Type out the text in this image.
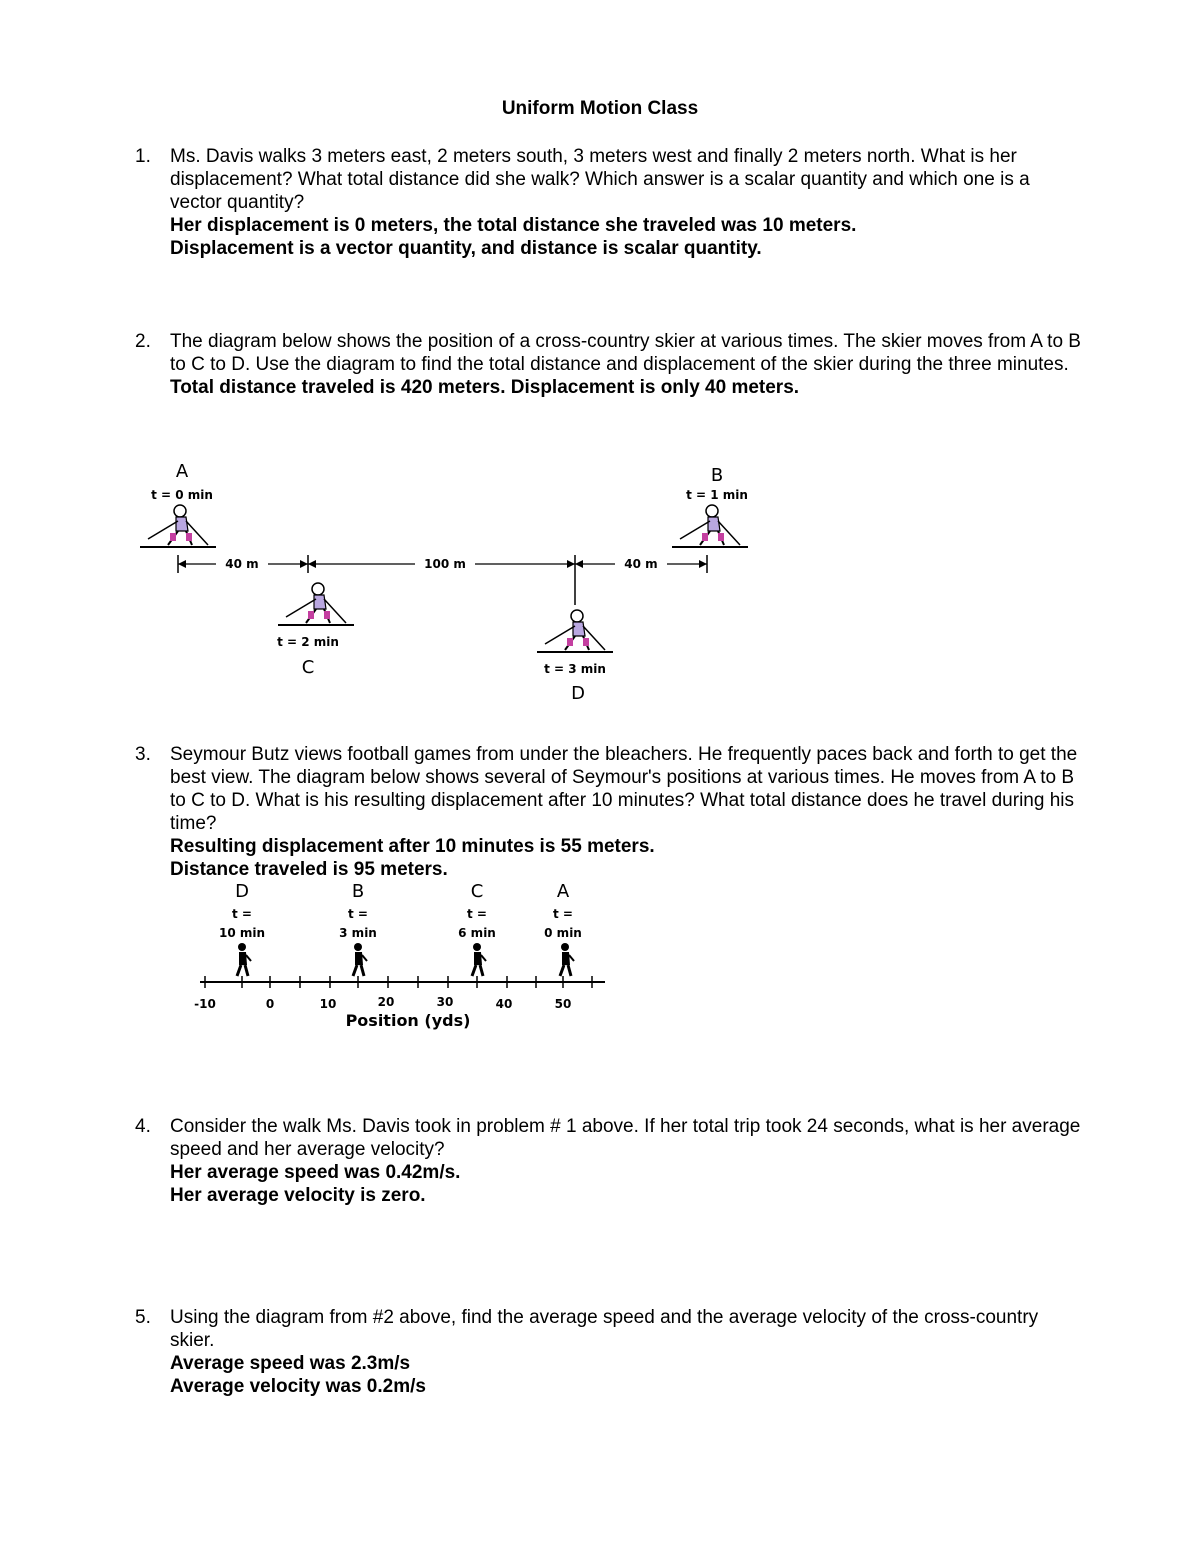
Uniform Motion Class
1. Ms. Davis walks 3 meters east, 2 meters south, 3 meters west and finally 2 meters north. What is her displacement? What total distance did she walk? Which answer is a scalar quantity and which one is a vector quantity?
Her displacement is 0 meters, the total distance she traveled was 10 meters.
Displacement is a vector quantity, and distance is scalar quantity.
2. The diagram below shows the position of a cross-country skier at various times. The skier moves from A to B to C to D. Use the diagram to find the total distance and displacement of the skier during the three minutes.
Total distance traveled is 420 meters. Displacement is only 40 meters.
A
t = 0 min
B
t = 1 min
40 m	100 m	40 m
t = 2 min
C	t = 3 min
D
3. Seymour Butz views football games from under the bleachers. He frequently paces back and forth to get the best view. The diagram below shows several of Seymour's positions at various times. He moves from A to B to C to D. What is his resulting displacement after 10 minutes? What total distance does he travel during his time?
Resulting displacement after 10 minutes is 55 meters.
Distance traveled is 95 meters.
D
t =
10 min
B
t =
3 min
C
t =
6 min
A
t =
0 min
-10	0	10	20	30	40	50
Position (yds)
4. Consider the walk Ms. Davis took in problem # 1 above. If her total trip took 24 seconds, what is her average speed and her average velocity?
Her average speed was 0.42m/s.
Her average velocity is zero.
5. Using the diagram from #2 above, find the average speed and the average velocity of the cross-country skier.
Average speed was 2.3m/s
Average velocity was 0.2m/s
